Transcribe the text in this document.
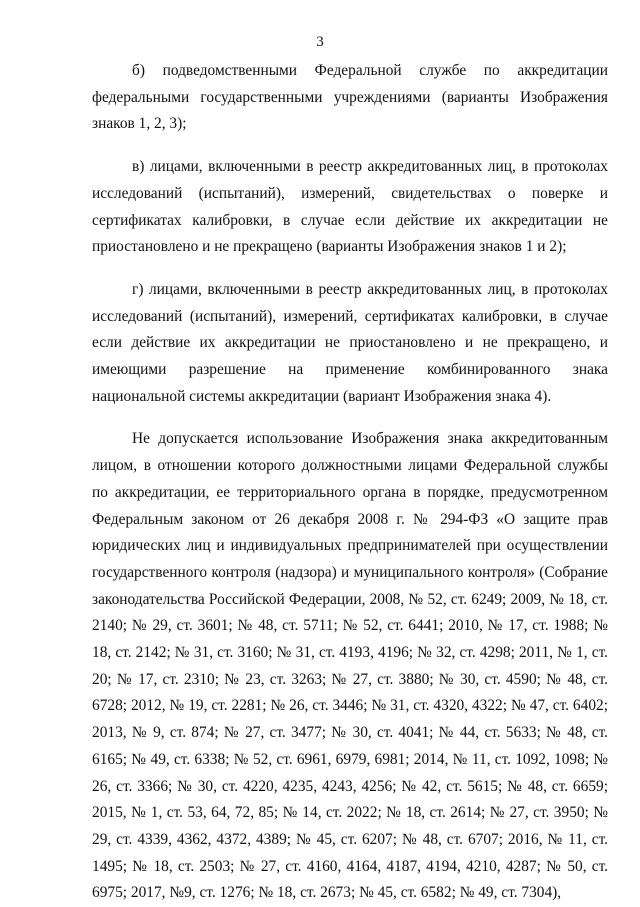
3

б) подведомственными Федеральной службе по аккредитации федеральными государственными учреждениями (варианты Изображения знаков 1, 2, 3);

в) лицами, включенными в реестр аккредитованных лиц, в протоколах исследований (испытаний), измерений, свидетельствах о поверке и сертификатах калибровки, в случае если действие их аккредитации не приостановлено и не прекращено (варианты Изображения знаков 1 и 2);

г) лицами, включенными в реестр аккредитованных лиц, в протоколах исследований (испытаний), измерений, сертификатах калибровки, в случае если действие их аккредитации не приостановлено и не прекращено, и имеющими разрешение на применение комбинированного знака национальной системы аккредитации (вариант Изображения знака 4).

Не допускается использование Изображения знака аккредитованным лицом, в отношении которого должностными лицами Федеральной службы по аккредитации, ее территориального органа в порядке, предусмотренном Федеральным законом от 26 декабря 2008 г. № 294-ФЗ «О защите прав юридических лиц и индивидуальных предпринимателей при осуществлении государственного контроля (надзора) и муниципального контроля» (Собрание законодательства Российской Федерации, 2008, № 52, ст. 6249; 2009, № 18, ст. 2140; № 29, ст. 3601; № 48, ст. 5711; № 52, ст. 6441; 2010, № 17, ст. 1988; № 18, ст. 2142; № 31, ст. 3160; № 31, ст. 4193, 4196; № 32, ст. 4298; 2011, № 1, ст. 20; № 17, ст. 2310; № 23, ст. 3263; № 27, ст. 3880; № 30, ст. 4590; № 48, ст. 6728; 2012, № 19, ст. 2281; № 26, ст. 3446; № 31, ст. 4320, 4322; № 47, ст. 6402; 2013, № 9, ст. 874; № 27, ст. 3477; № 30, ст. 4041; № 44, ст. 5633; № 48, ст. 6165; № 49, ст. 6338; № 52, ст. 6961, 6979, 6981; 2014, № 11, ст. 1092, 1098; № 26, ст. 3366; № 30, ст. 4220, 4235, 4243, 4256; № 42, ст. 5615; № 48, ст. 6659; 2015, № 1, ст. 53, 64, 72, 85; № 14, ст. 2022; № 18, ст. 2614; № 27, ст. 3950; № 29, ст. 4339, 4362, 4372, 4389; № 45, ст. 6207; № 48, ст. 6707; 2016, № 11, ст. 1495; № 18, ст. 2503; № 27, ст. 4160, 4164, 4187, 4194, 4210, 4287; № 50, ст. 6975; 2017, №9, ст. 1276; № 18, ст. 2673; № 45, ст. 6582; № 49, ст. 7304),
